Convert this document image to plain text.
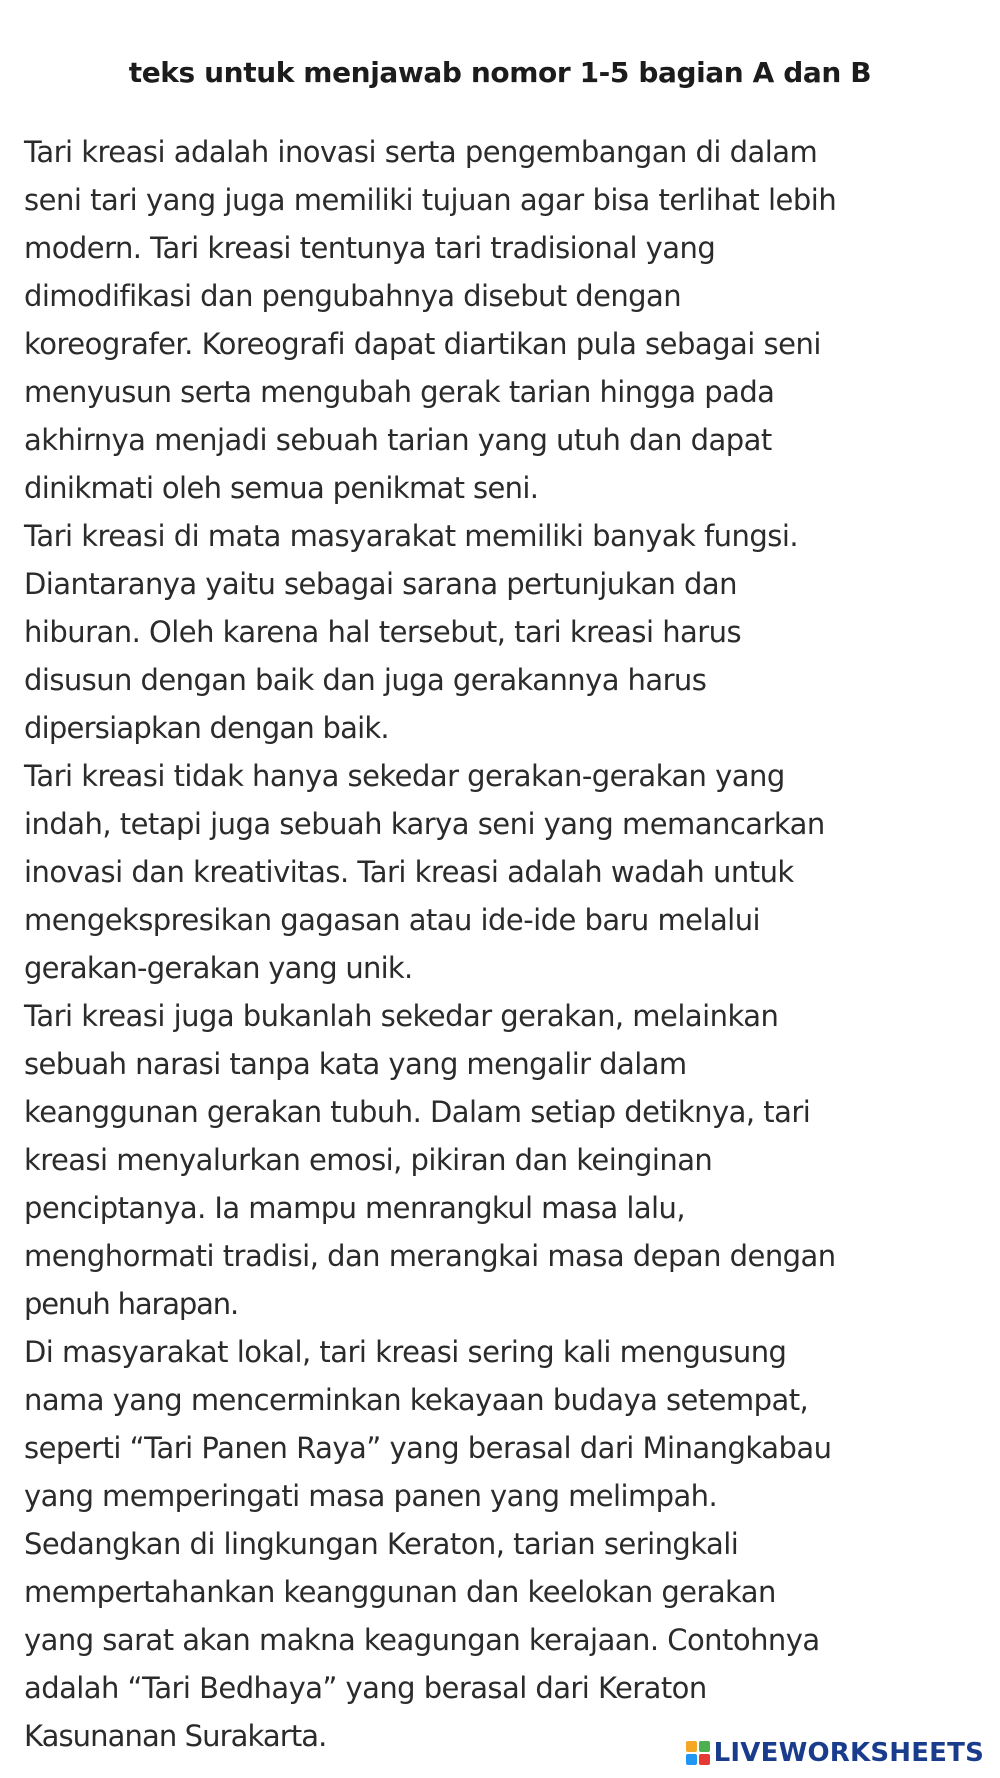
teks untuk menjawab nomor 1-5 bagian A dan B
Tari kreasi adalah inovasi serta pengembangan di dalam
seni tari yang juga memiliki tujuan agar bisa terlihat lebih
modern. Tari kreasi tentunya tari tradisional yang
dimodifikasi dan pengubahnya disebut dengan
koreografer. Koreografi dapat diartikan pula sebagai seni
menyusun serta mengubah gerak tarian hingga pada
akhirnya menjadi sebuah tarian yang utuh dan dapat
dinikmati oleh semua penikmat seni.
Tari kreasi di mata masyarakat memiliki banyak fungsi.
Diantaranya yaitu sebagai sarana pertunjukan dan
hiburan. Oleh karena hal tersebut, tari kreasi harus
disusun dengan baik dan juga gerakannya harus
dipersiapkan dengan baik.
Tari kreasi tidak hanya sekedar gerakan-gerakan yang
indah, tetapi juga sebuah karya seni yang memancarkan
inovasi dan kreativitas. Tari kreasi adalah wadah untuk
mengekspresikan gagasan atau ide-ide baru melalui
gerakan-gerakan yang unik.
Tari kreasi juga bukanlah sekedar gerakan, melainkan
sebuah narasi tanpa kata yang mengalir dalam
keanggunan gerakan tubuh. Dalam setiap detiknya, tari
kreasi menyalurkan emosi, pikiran dan keinginan
penciptanya. Ia mampu menrangkul masa lalu,
menghormati tradisi, dan merangkai masa depan dengan
penuh harapan.
Di masyarakat lokal, tari kreasi sering kali mengusung
nama yang mencerminkan kekayaan budaya setempat,
seperti “Tari Panen Raya” yang berasal dari Minangkabau
yang memperingati masa panen yang melimpah.
Sedangkan di lingkungan Keraton, tarian seringkali
mempertahankan keanggunan dan keelokan gerakan
yang sarat akan makna keagungan kerajaan. Contohnya
adalah “Tari Bedhaya” yang berasal dari Keraton
Kasunanan Surakarta.	LIVEWORKSHEETS
